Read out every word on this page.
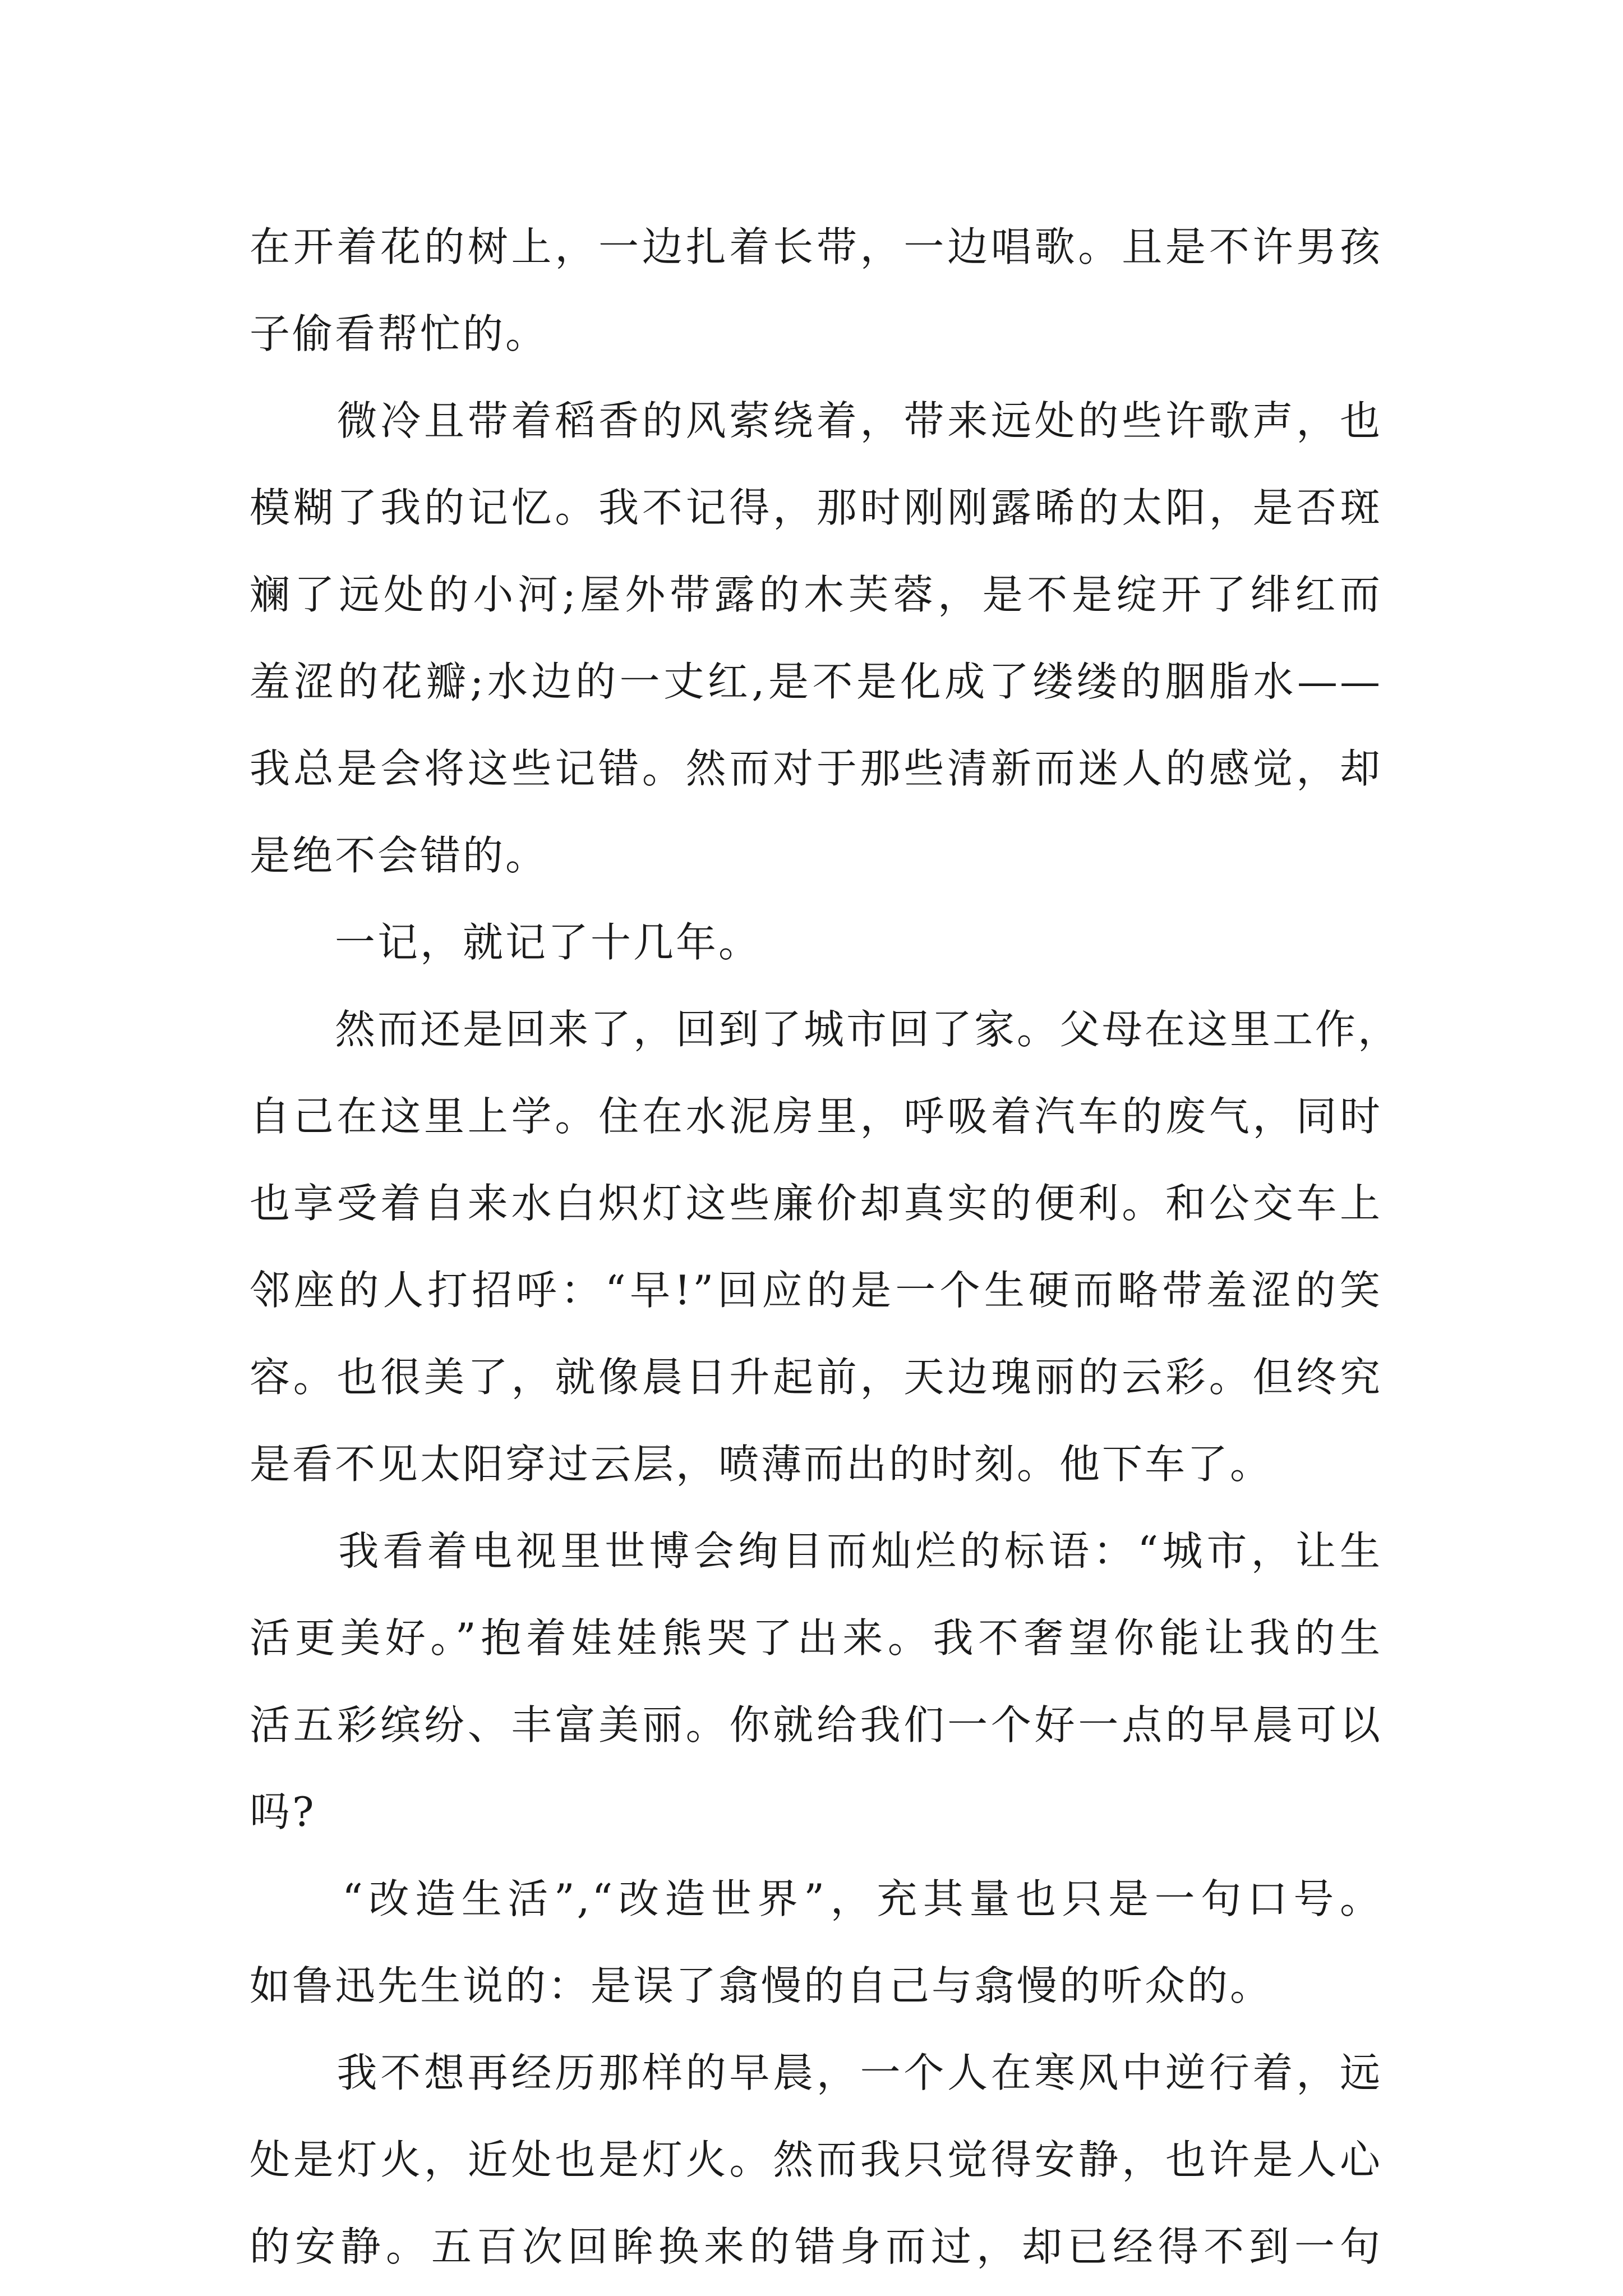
在开着花的树上，一边扎着长带，一边唱歌。且是不许男孩
子偷看帮忙的。
　　微冷且带着稻香的风萦绕着，带来远处的些许歌声，也
模糊了我的记忆。我不记得，那时刚刚露晞的太阳，是否斑
斓了远处的小河;屋外带露的木芙蓉，是不是绽开了绯红而
羞涩的花瓣;水边的一丈红,是不是化成了缕缕的胭脂水——
我总是会将这些记错。然而对于那些清新而迷人的感觉，却
是绝不会错的。
　　一记，就记了十几年。
　　然而还是回来了，回到了城市回了家。父母在这里工作，
自己在这里上学。住在水泥房里，呼吸着汽车的废气，同时
也享受着自来水白炽灯这些廉价却真实的便利。和公交车上
邻座的人打招呼：“早!”回应的是一个生硬而略带羞涩的笑
容。也很美了，就像晨日升起前，天边瑰丽的云彩。但终究
是看不见太阳穿过云层，喷薄而出的时刻。他下车了。
　　我看着电视里世博会绚目而灿烂的标语：“城市，让生
活更美好。”抱着娃娃熊哭了出来。我不奢望你能让我的生
活五彩缤纷、丰富美丽。你就给我们一个好一点的早晨可以
吗?
　　“改造生活”,“改造世界”，充其量也只是一句口号。
如鲁迅先生说的：是误了翕慢的自己与翕慢的听众的。
　　我不想再经历那样的早晨，一个人在寒风中逆行着，远
处是灯火，近处也是灯火。然而我只觉得安静，也许是人心
的安静。五百次回眸换来的错身而过，却已经得不到一句
